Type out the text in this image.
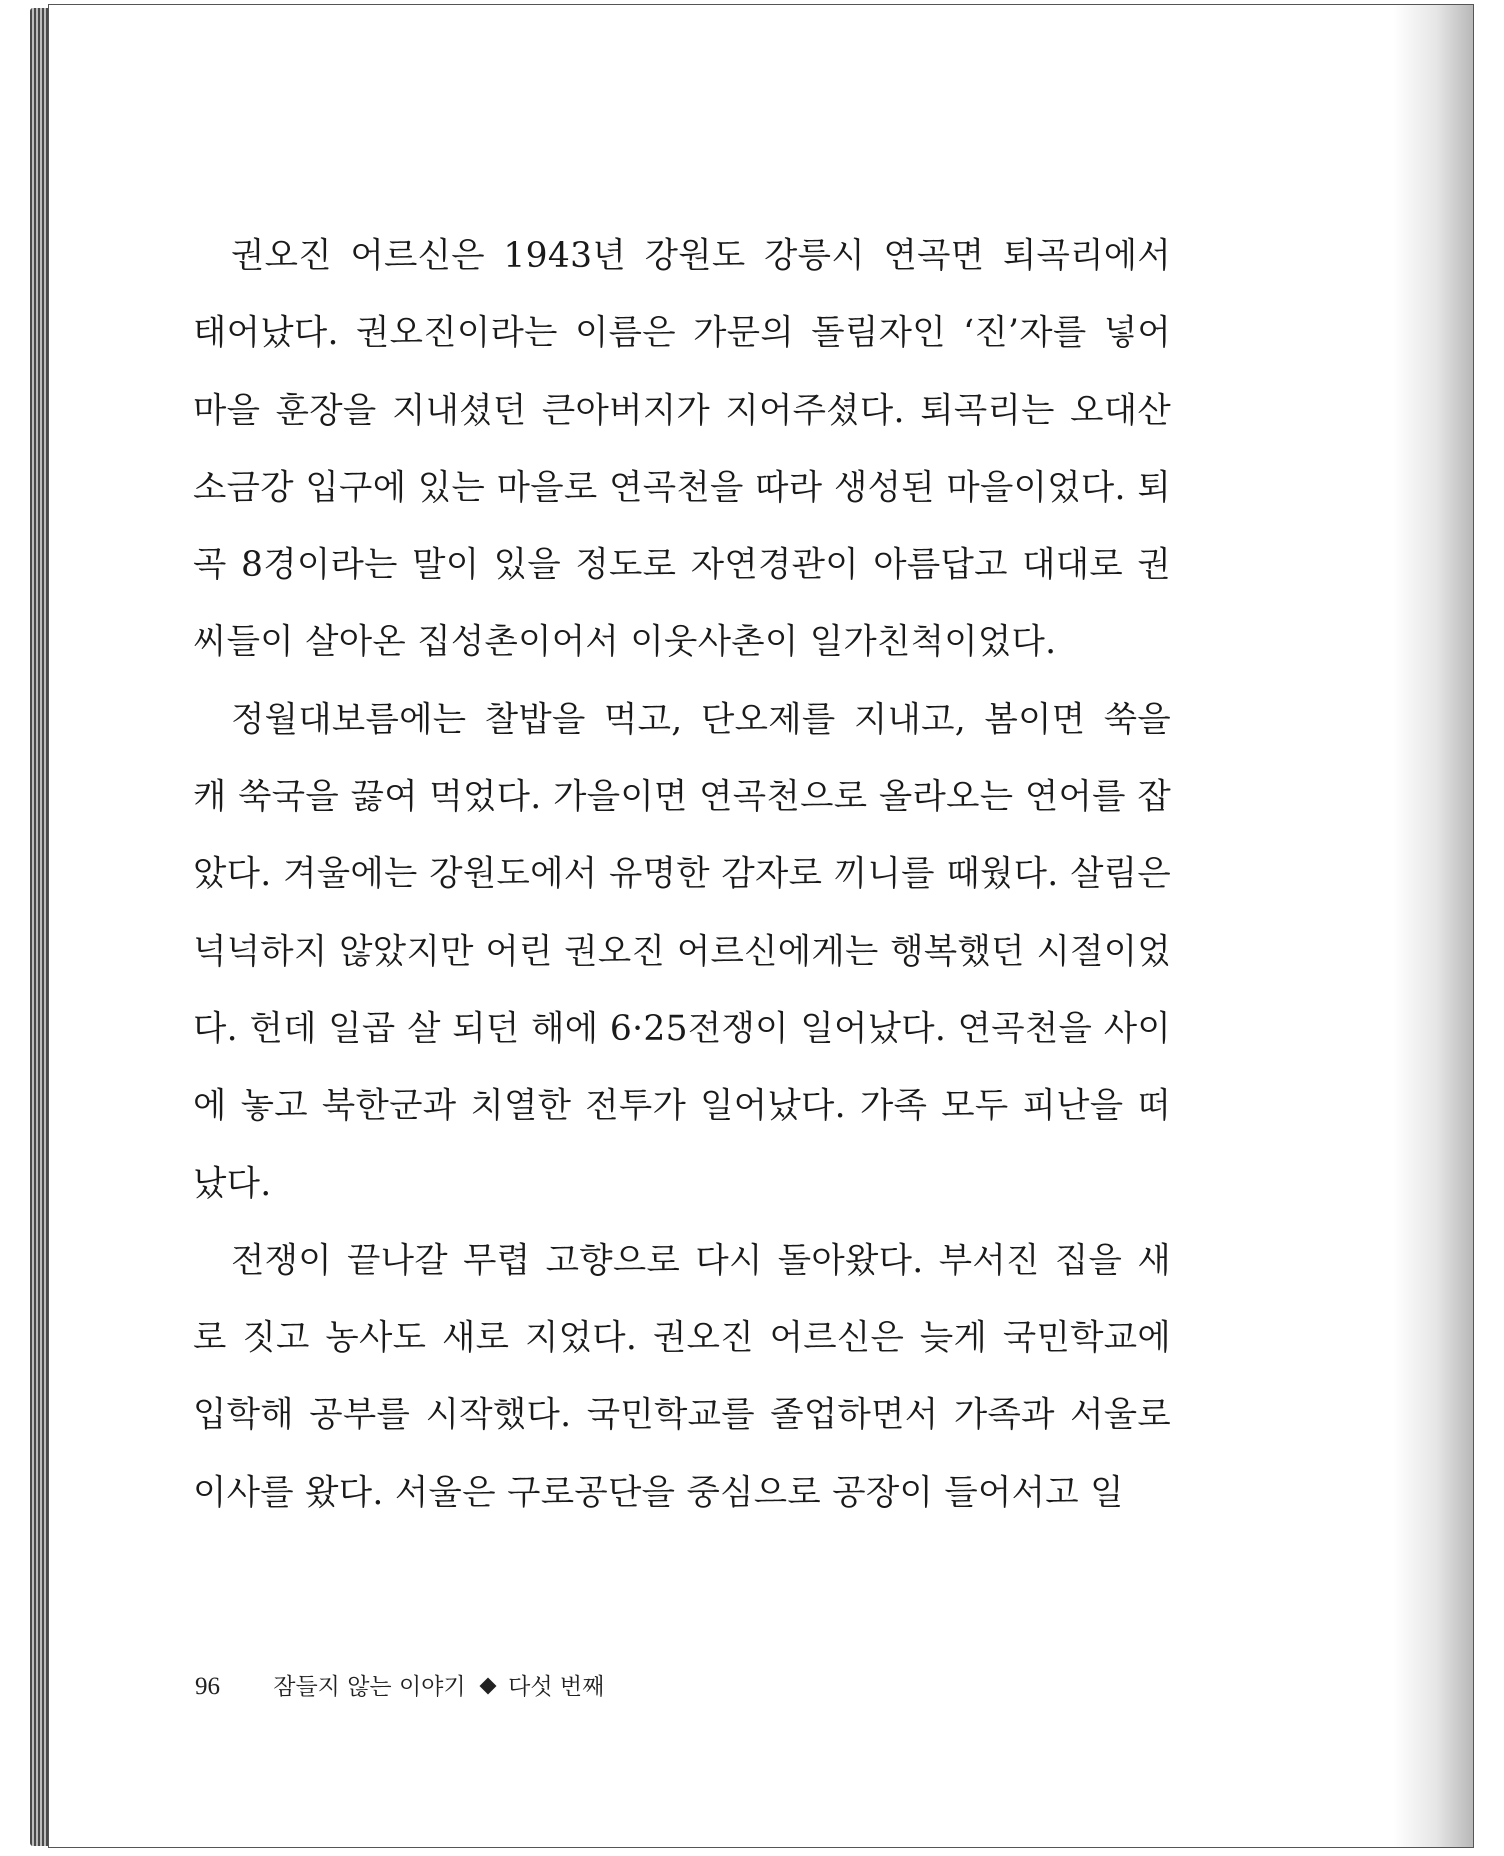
권오진 어르신은 1943년 강원도 강릉시 연곡면 퇴곡리에서 태어났다. 권오진이라는 이름은 가문의 돌림자인 ‘진’자를 넣어 마을 훈장을 지내셨던 큰아버지가 지어주셨다. 퇴곡리는 오대산 소금강 입구에 있는 마을로 연곡천을 따라 생성된 마을이었다. 퇴곡 8경이라는 말이 있을 정도로 자연경관이 아름답고 대대로 권씨들이 살아온 집성촌이어서 이웃사촌이 일가친척이었다.

정월대보름에는 찰밥을 먹고, 단오제를 지내고, 봄이면 쑥을 캐 쑥국을 끓여 먹었다. 가을이면 연곡천으로 올라오는 연어를 잡았다. 겨울에는 강원도에서 유명한 감자로 끼니를 때웠다. 살림은 넉넉하지 않았지만 어린 권오진 어르신에게는 행복했던 시절이었다. 헌데 일곱 살 되던 해에 6·25전쟁이 일어났다. 연곡천을 사이에 놓고 북한군과 치열한 전투가 일어났다. 가족 모두 피난을 떠났다.

전쟁이 끝나갈 무렵 고향으로 다시 돌아왔다. 부서진 집을 새로 짓고 농사도 새로 지었다. 권오진 어르신은 늦게 국민학교에 입학해 공부를 시작했다. 국민학교를 졸업하면서 가족과 서울로 이사를 왔다. 서울은 구로공단을 중심으로 공장이 들어서고 일

96 잠들지 않는 이야기 다섯 번째
